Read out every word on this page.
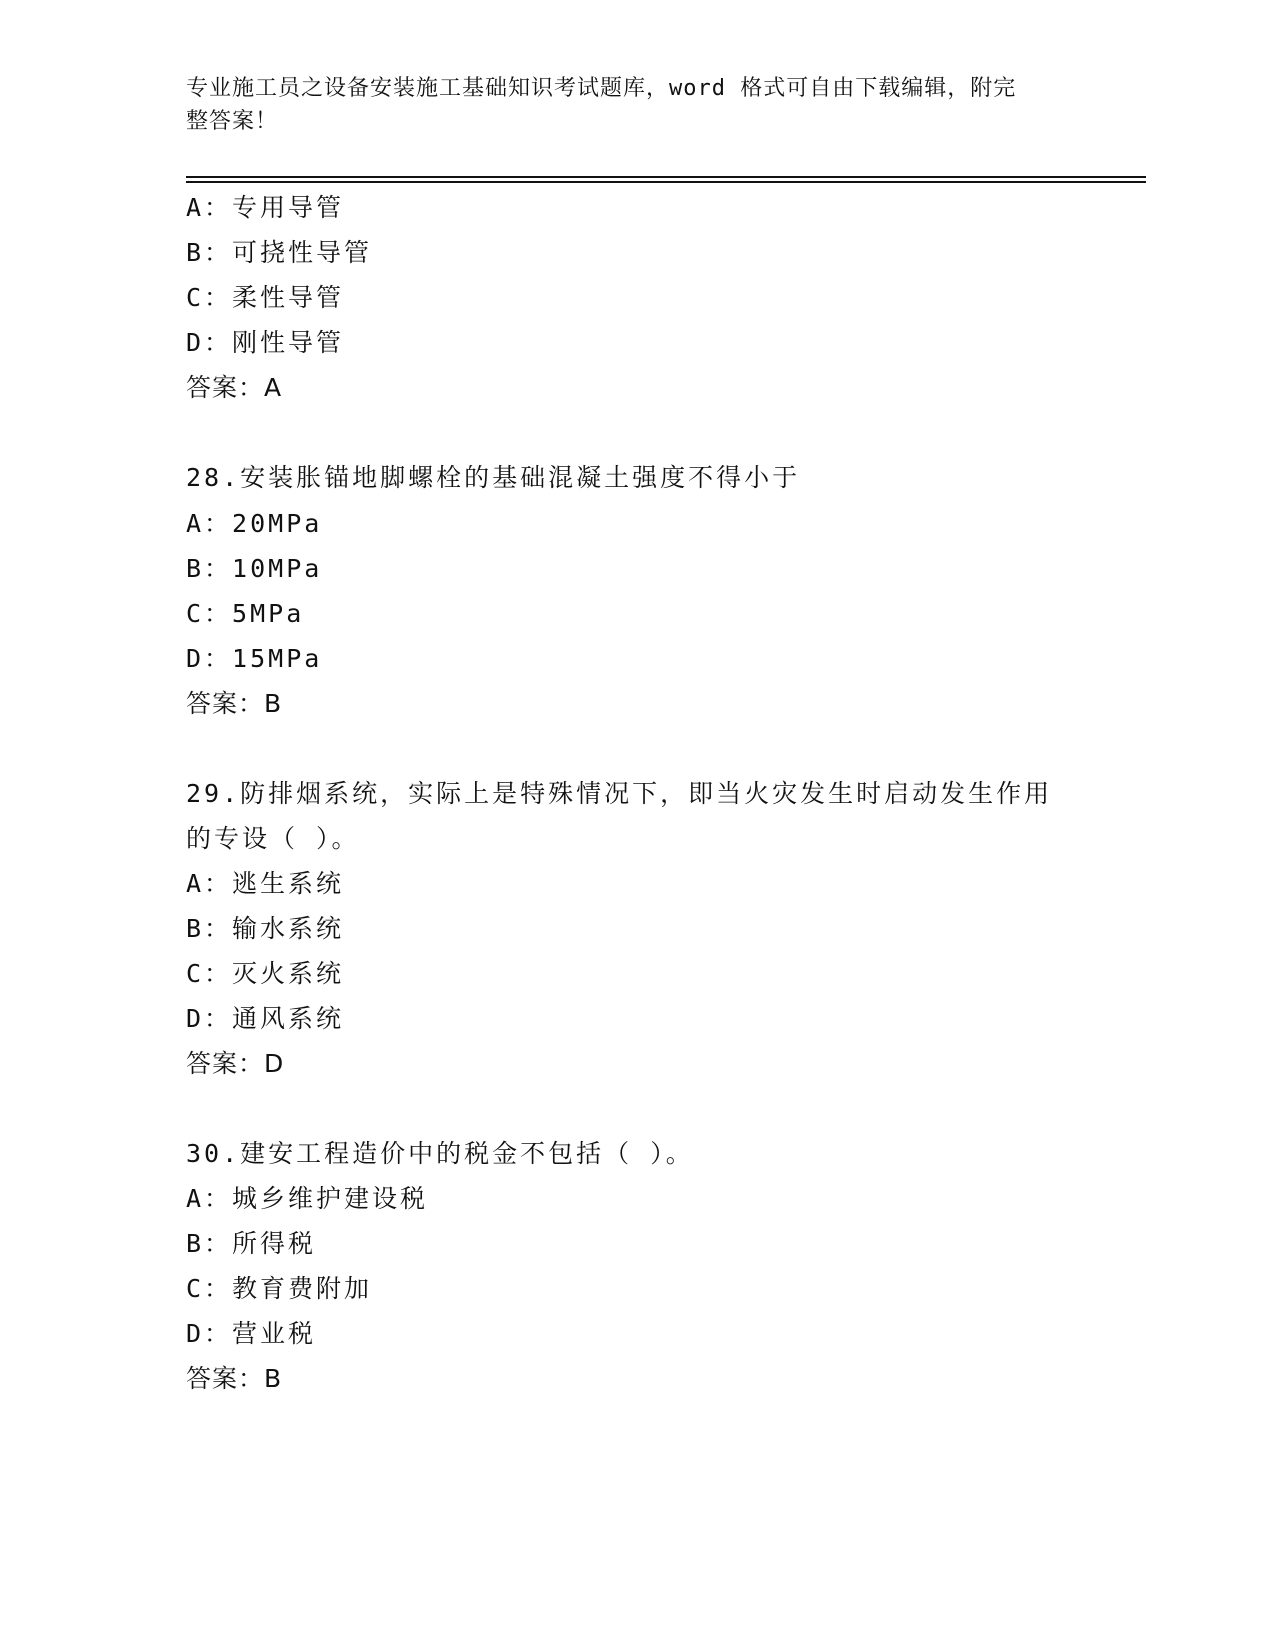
专业施工员之设备安装施工基础知识考试题库，word 格式可自由下载编辑，附完
整答案！
A：专用导管
B：可挠性导管
C：柔性导管
D：刚性导管
答案：A
28.安装胀锚地脚螺栓的基础混凝土强度不得小于
A：20MPa
B：10MPa
C：5MPa
D：15MPa
答案：B
29.防排烟系统，实际上是特殊情况下，即当火灾发生时启动发生作用
的专设（ ）。
A：逃生系统
B：输水系统
C：灭火系统
D：通风系统
答案：D
30.建安工程造价中的税金不包括（ ）。
A：城乡维护建设税
B：所得税
C：教育费附加
D：营业税
答案：B
